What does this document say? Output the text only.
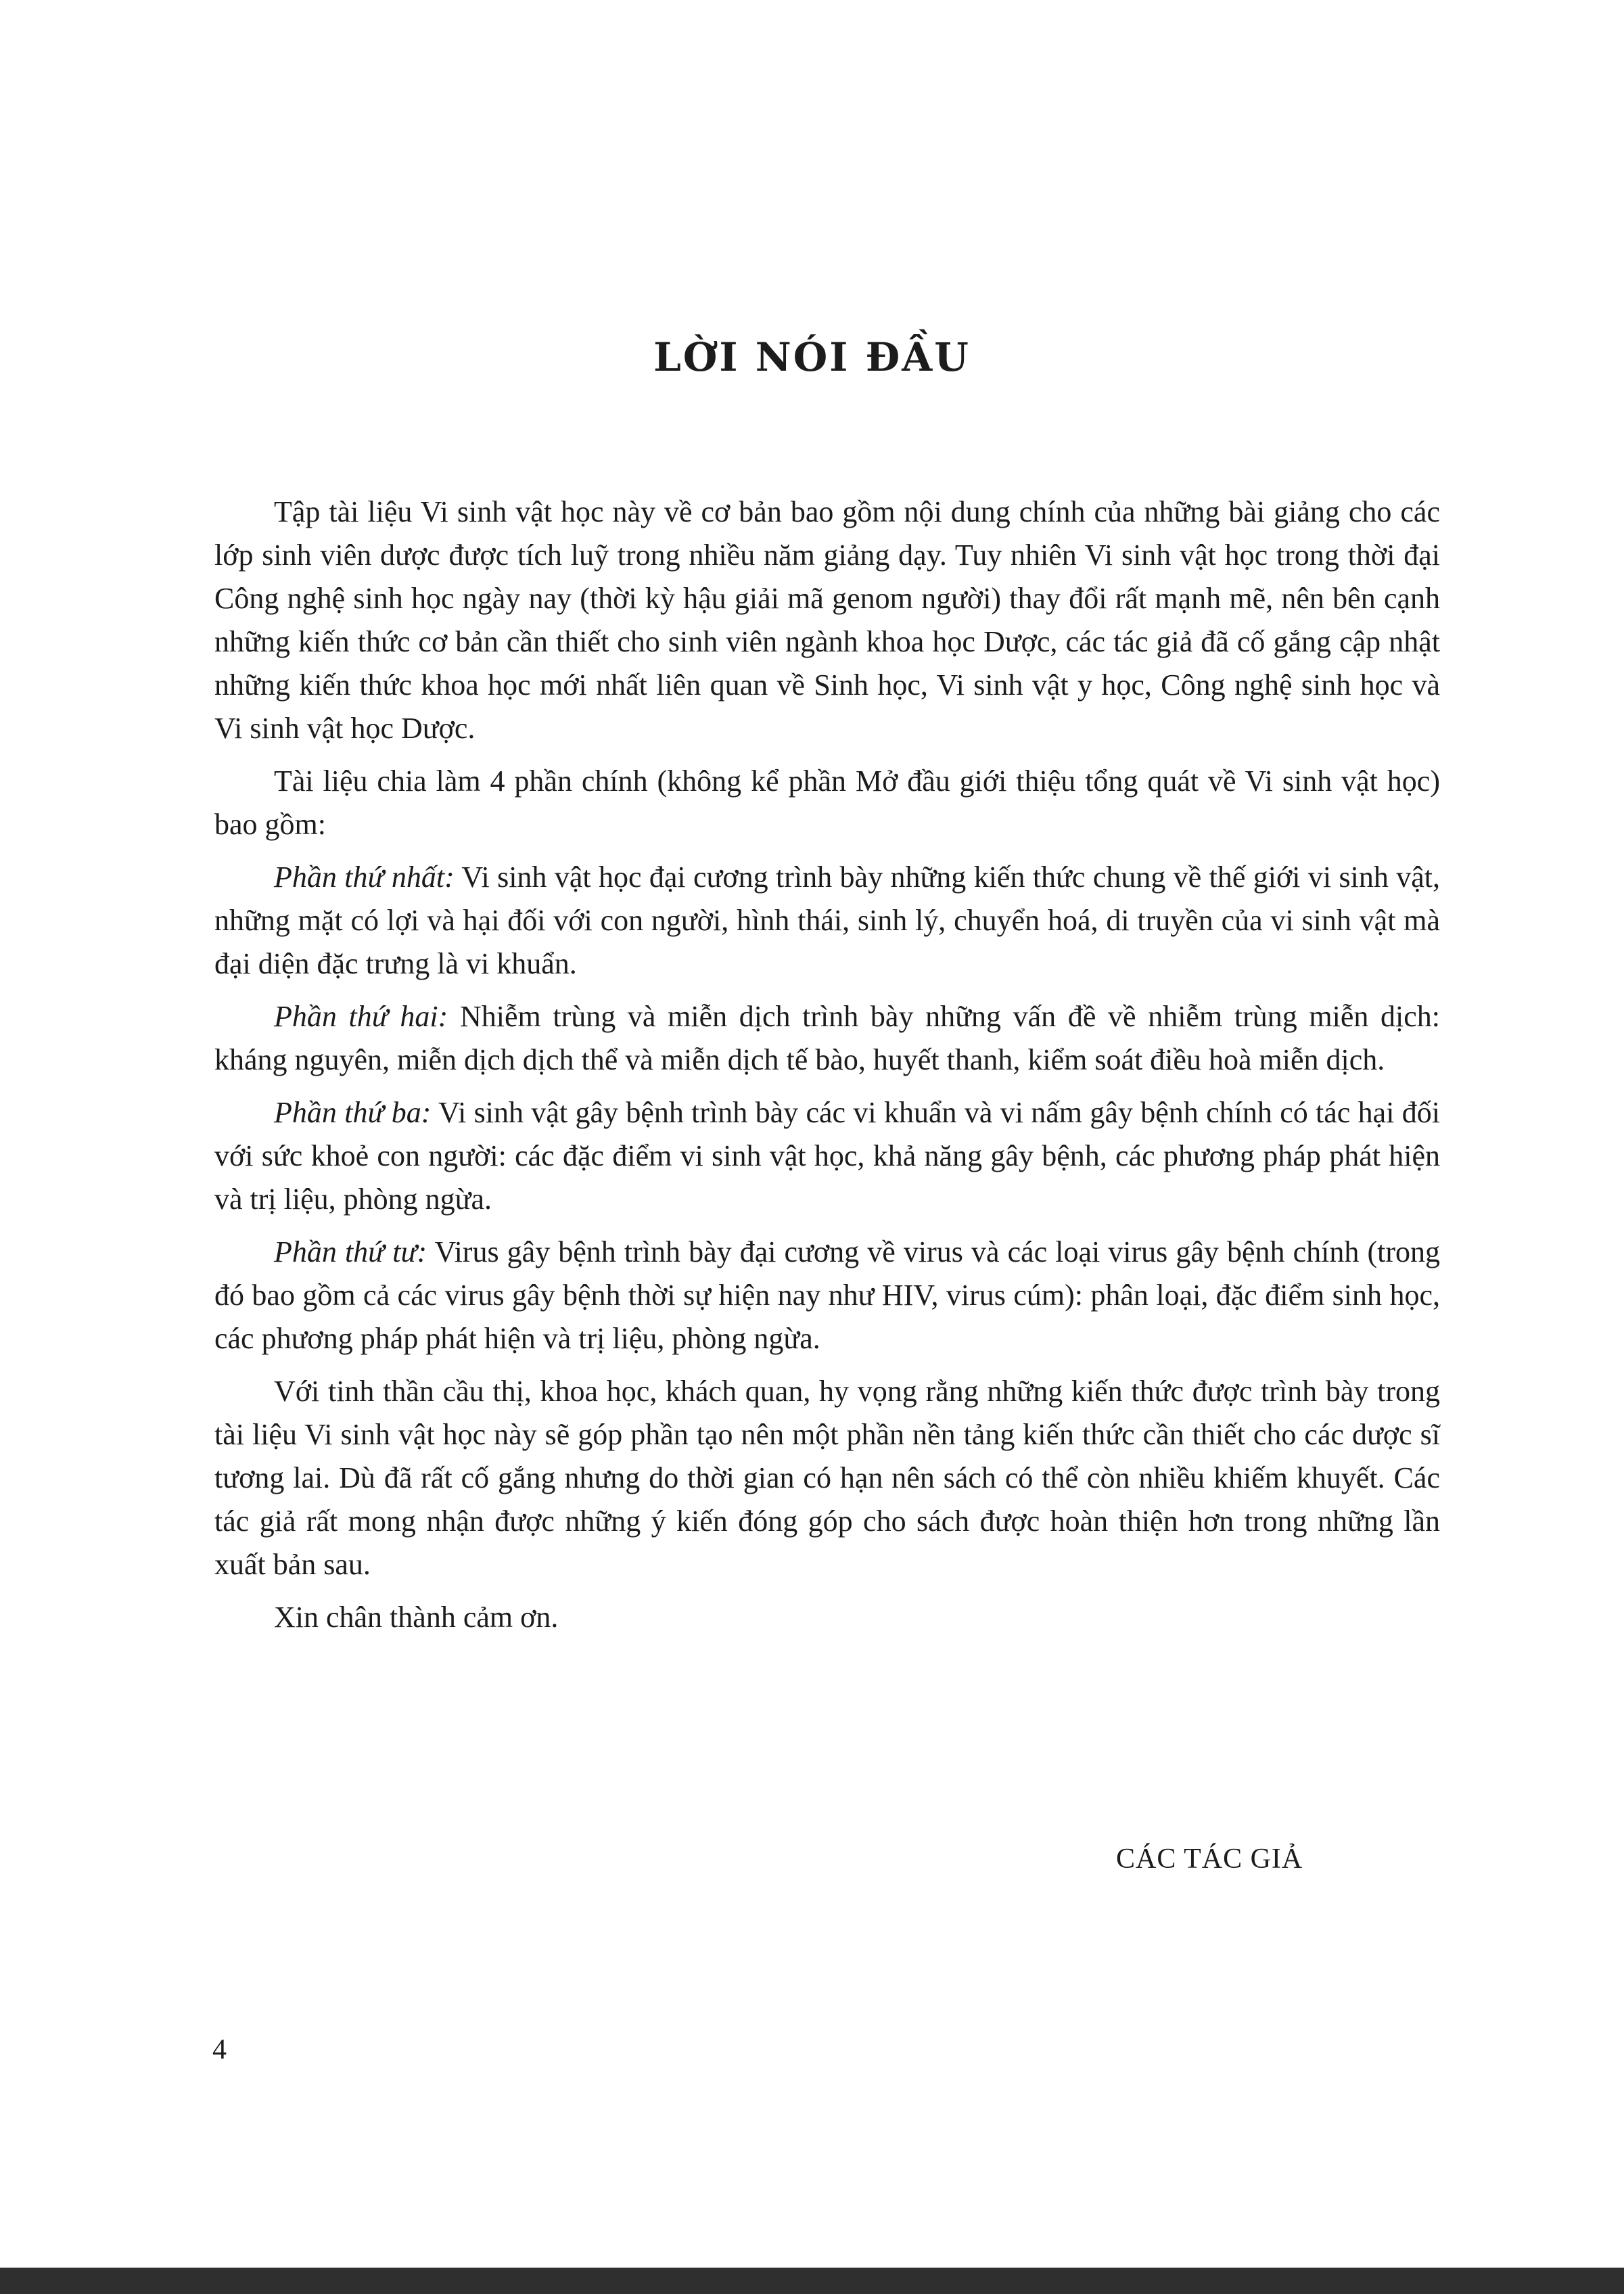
LỜI NÓI ĐẦU

Tập tài liệu Vi sinh vật học này về cơ bản bao gồm nội dung chính của những bài giảng cho các lớp sinh viên dược được tích luỹ trong nhiều năm giảng dạy. Tuy nhiên Vi sinh vật học trong thời đại Công nghệ sinh học ngày nay (thời kỳ hậu giải mã genom người) thay đổi rất mạnh mẽ, nên bên cạnh những kiến thức cơ bản cần thiết cho sinh viên ngành khoa học Dược, các tác giả đã cố gắng cập nhật những kiến thức khoa học mới nhất liên quan về Sinh học, Vi sinh vật y học, Công nghệ sinh học và Vi sinh vật học Dược.

Tài liệu chia làm 4 phần chính (không kể phần Mở đầu giới thiệu tổng quát về Vi sinh vật học) bao gồm:

Phần thứ nhất: Vi sinh vật học đại cương trình bày những kiến thức chung về thế giới vi sinh vật, những mặt có lợi và hại đối với con người, hình thái, sinh lý, chuyển hoá, di truyền của vi sinh vật mà đại diện đặc trưng là vi khuẩn.

Phần thứ hai: Nhiễm trùng và miễn dịch trình bày những vấn đề về nhiễm trùng miễn dịch: kháng nguyên, miễn dịch dịch thể và miễn dịch tế bào, huyết thanh, kiểm soát điều hoà miễn dịch.

Phần thứ ba: Vi sinh vật gây bệnh trình bày các vi khuẩn và vi nấm gây bệnh chính có tác hại đối với sức khoẻ con người: các đặc điểm vi sinh vật học, khả năng gây bệnh, các phương pháp phát hiện và trị liệu, phòng ngừa.

Phần thứ tư: Virus gây bệnh trình bày đại cương về virus và các loại virus gây bệnh chính (trong đó bao gồm cả các virus gây bệnh thời sự hiện nay như HIV, virus cúm): phân loại, đặc điểm sinh học, các phương pháp phát hiện và trị liệu, phòng ngừa.

Với tinh thần cầu thị, khoa học, khách quan, hy vọng rằng những kiến thức được trình bày trong tài liệu Vi sinh vật học này sẽ góp phần tạo nên một phần nền tảng kiến thức cần thiết cho các dược sĩ tương lai. Dù đã rất cố gắng nhưng do thời gian có hạn nên sách có thể còn nhiều khiếm khuyết. Các tác giả rất mong nhận được những ý kiến đóng góp cho sách được hoàn thiện hơn trong những lần xuất bản sau.

Xin chân thành cảm ơn.

CÁC TÁC GIẢ
4
